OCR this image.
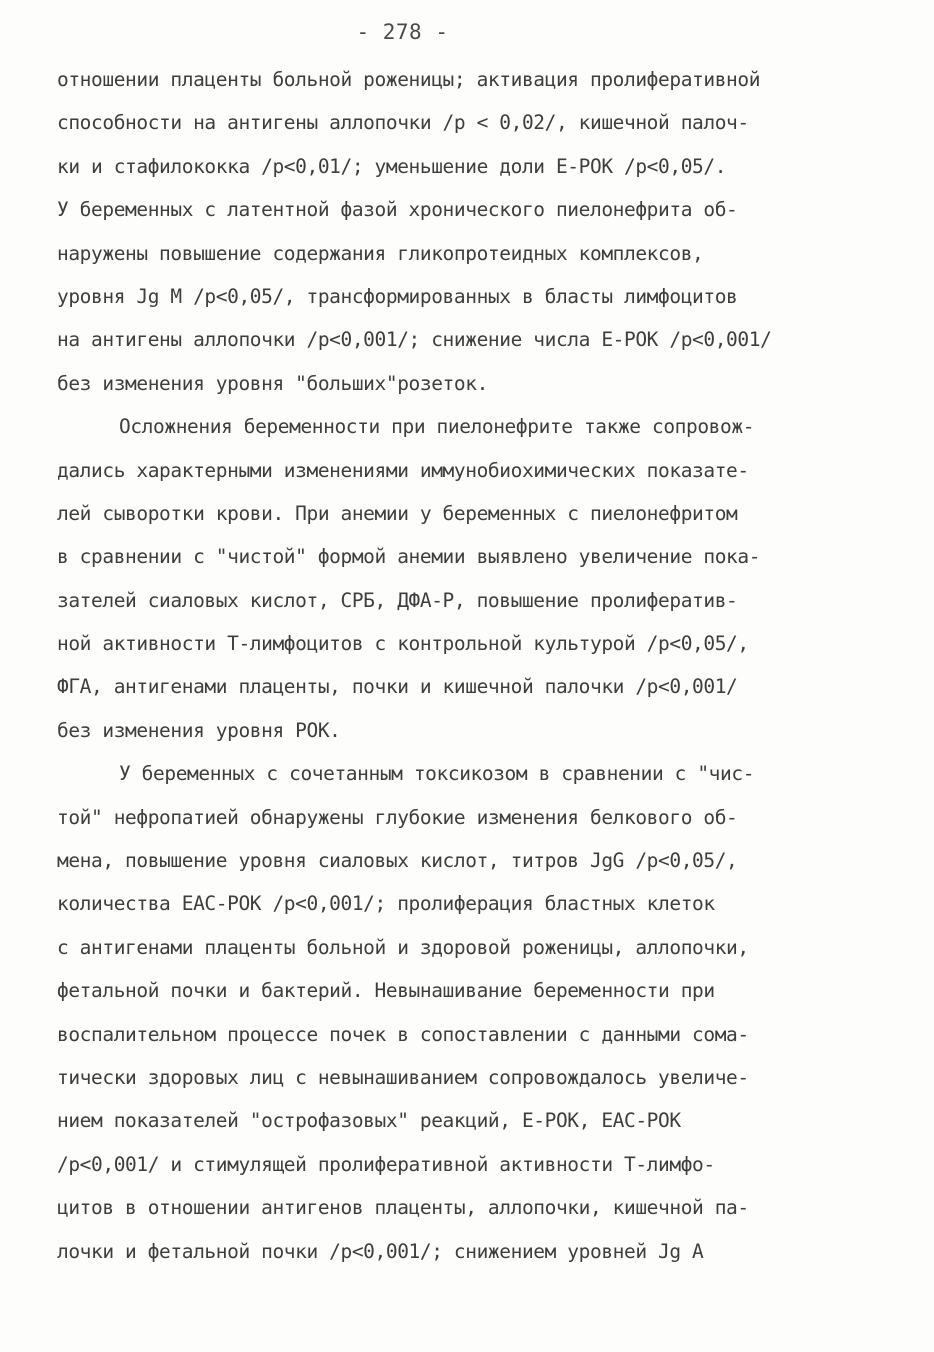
- 278 -
отношении плаценты больной роженицы; активация пролиферативной
способности на антигены аллопочки /р < 0,02/, кишечной палоч-
ки и стафилококка /р<0,01/; уменьшение доли Е-РОК /р<0,05/.
У беременных с латентной фазой хронического пиелонефрита об-
наружены повышение содержания гликопротеидных комплексов,
уровня Jg M /р<0,05/, трансформированных в бласты лимфоцитов
на антигены аллопочки /р<0,001/; снижение числа Е-РОК /р<0,001/
без изменения уровня "больших"розеток.
Осложнения беременности при пиелонефрите также сопровож-
дались характерными изменениями иммунобиохимических показате-
лей сыворотки крови. При анемии у беременных с пиелонефритом
в сравнении с "чистой" формой анемии выявлено увеличение пока-
зателей сиаловых кислот, СРБ, ДФА-Р, повышение пролифератив-
ной активности Т-лимфоцитов с контрольной культурой /р<0,05/,
ФГА, антигенами плаценты, почки и кишечной палочки /р<0,001/
без изменения уровня РОК.
У беременных с сочетанным токсикозом в сравнении с "чис-
той" нефропатией обнаружены глубокие изменения белкового об-
мена, повышение уровня сиаловых кислот, титров JgG /р<0,05/,
количества ЕАС-РОК /р<0,001/; пролиферация бластных клеток
с антигенами плаценты больной и здоровой роженицы, аллопочки,
фетальной почки и бактерий. Невынашивание беременности при
воспалительном процессе почек в сопоставлении с данными сома-
тически здоровых лиц с невынашиванием сопровождалось увеличе-
нием показателей "острофазовых" реакций, Е-РОК, ЕАС-РОК
/р<0,001/ и стимулящей пролиферативной активности Т-лимфо-
цитов в отношении антигенов плаценты, аллопочки, кишечной па-
лочки и фетальной почки /р<0,001/; снижением уровней Jg A
